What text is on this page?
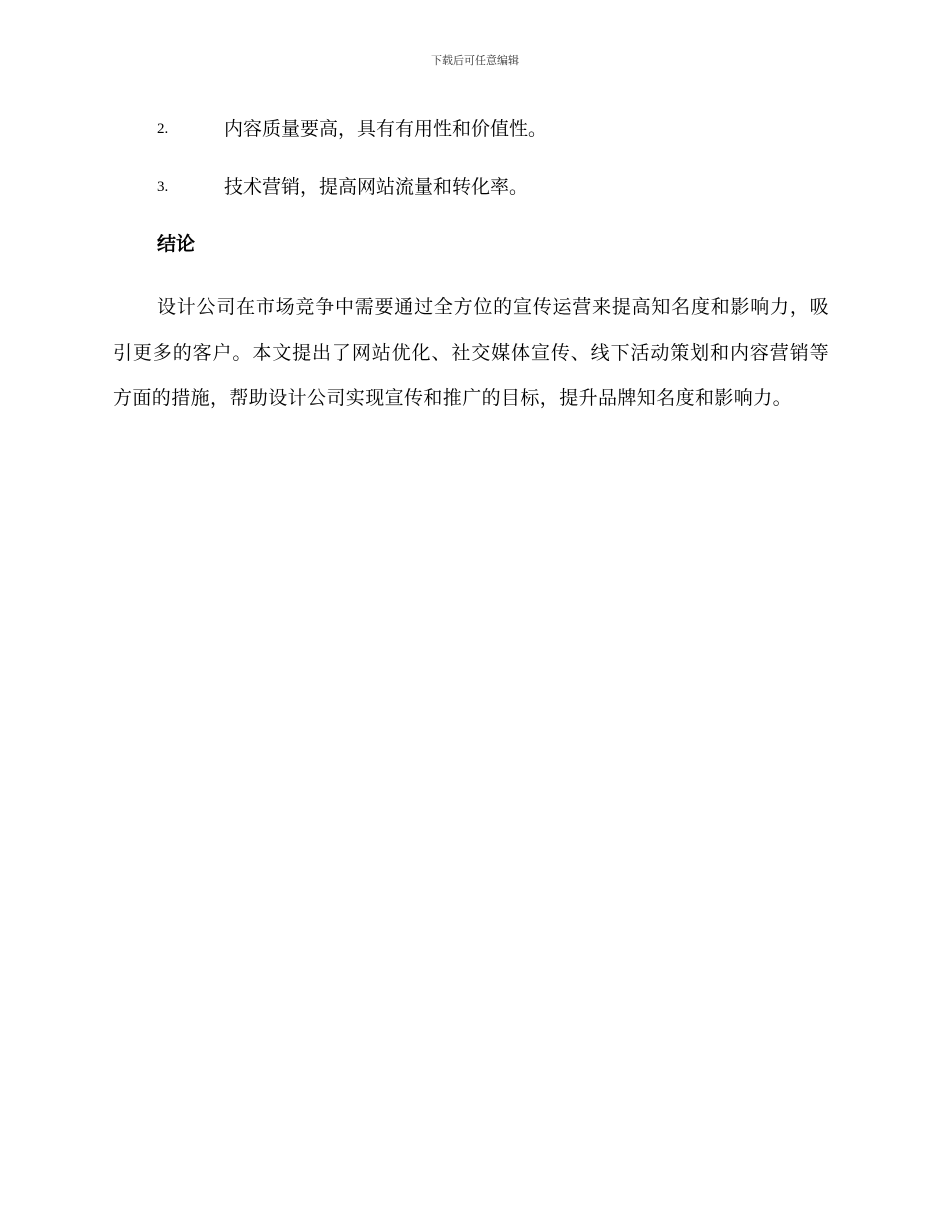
下载后可任意编辑
2.	内容质量要高，具有有用性和价值性。
3.	技术营销，提高网站流量和转化率。
结论
设计公司在市场竞争中需要通过全方位的宣传运营来提高知名度和影响力，吸引更多的客户。本文提出了网站优化、社交媒体宣传、线下活动策划和内容营销等方面的措施，帮助设计公司实现宣传和推广的目标，提升品牌知名度和影响力。
